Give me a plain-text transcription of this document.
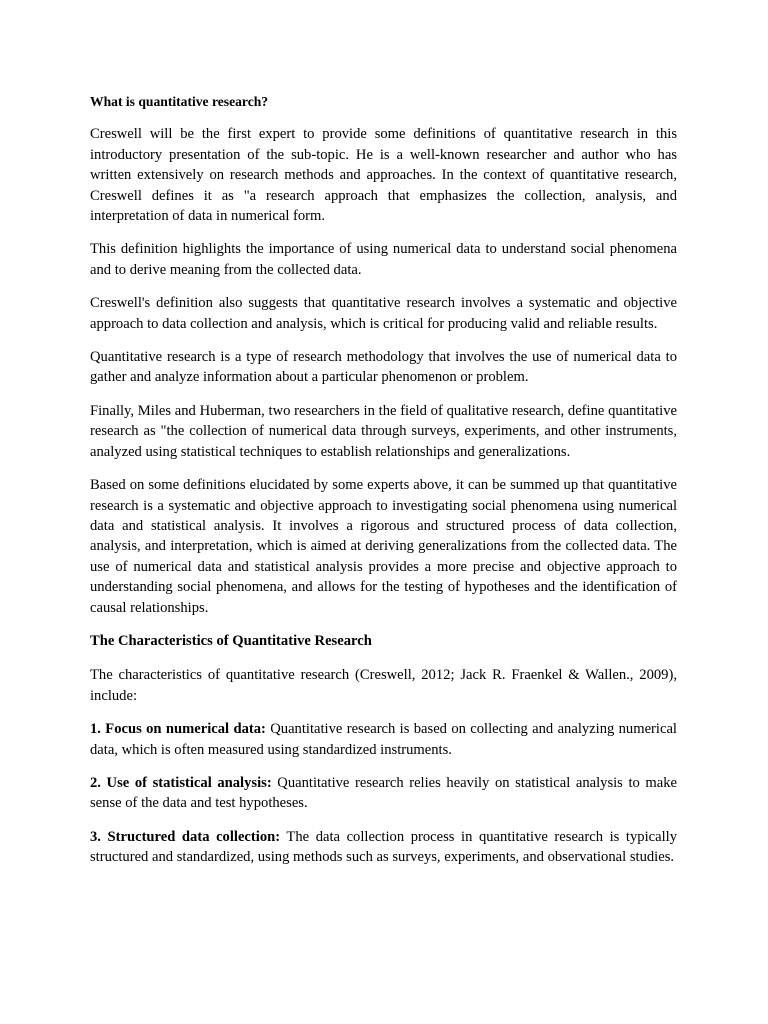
What is quantitative research?

Creswell will be the first expert to provide some definitions of quantitative research in this introductory presentation of the sub-topic. He is a well-known researcher and author who has written extensively on research methods and approaches. In the context of quantitative research, Creswell defines it as "a research approach that emphasizes the collection, analysis, and interpretation of data in numerical form.

This definition highlights the importance of using numerical data to understand social phenomena and to derive meaning from the collected data.

Creswell's definition also suggests that quantitative research involves a systematic and objective approach to data collection and analysis, which is critical for producing valid and reliable results.

Quantitative research is a type of research methodology that involves the use of numerical data to gather and analyze information about a particular phenomenon or problem.

Finally, Miles and Huberman, two researchers in the field of qualitative research, define quantitative research as "the collection of numerical data through surveys, experiments, and other instruments, analyzed using statistical techniques to establish relationships and generalizations.

Based on some definitions elucidated by some experts above, it can be summed up that quantitative research is a systematic and objective approach to investigating social phenomena using numerical data and statistical analysis. It involves a rigorous and structured process of data collection, analysis, and interpretation, which is aimed at deriving generalizations from the collected data. The use of numerical data and statistical analysis provides a more precise and objective approach to understanding social phenomena, and allows for the testing of hypotheses and the identification of causal relationships.

The Characteristics of Quantitative Research

The characteristics of quantitative research (Creswell, 2012; Jack R. Fraenkel & Wallen., 2009), include:

1. Focus on numerical data: Quantitative research is based on collecting and analyzing numerical data, which is often measured using standardized instruments.

2. Use of statistical analysis: Quantitative research relies heavily on statistical analysis to make sense of the data and test hypotheses.

3. Structured data collection: The data collection process in quantitative research is typically structured and standardized, using methods such as surveys, experiments, and observational studies.
